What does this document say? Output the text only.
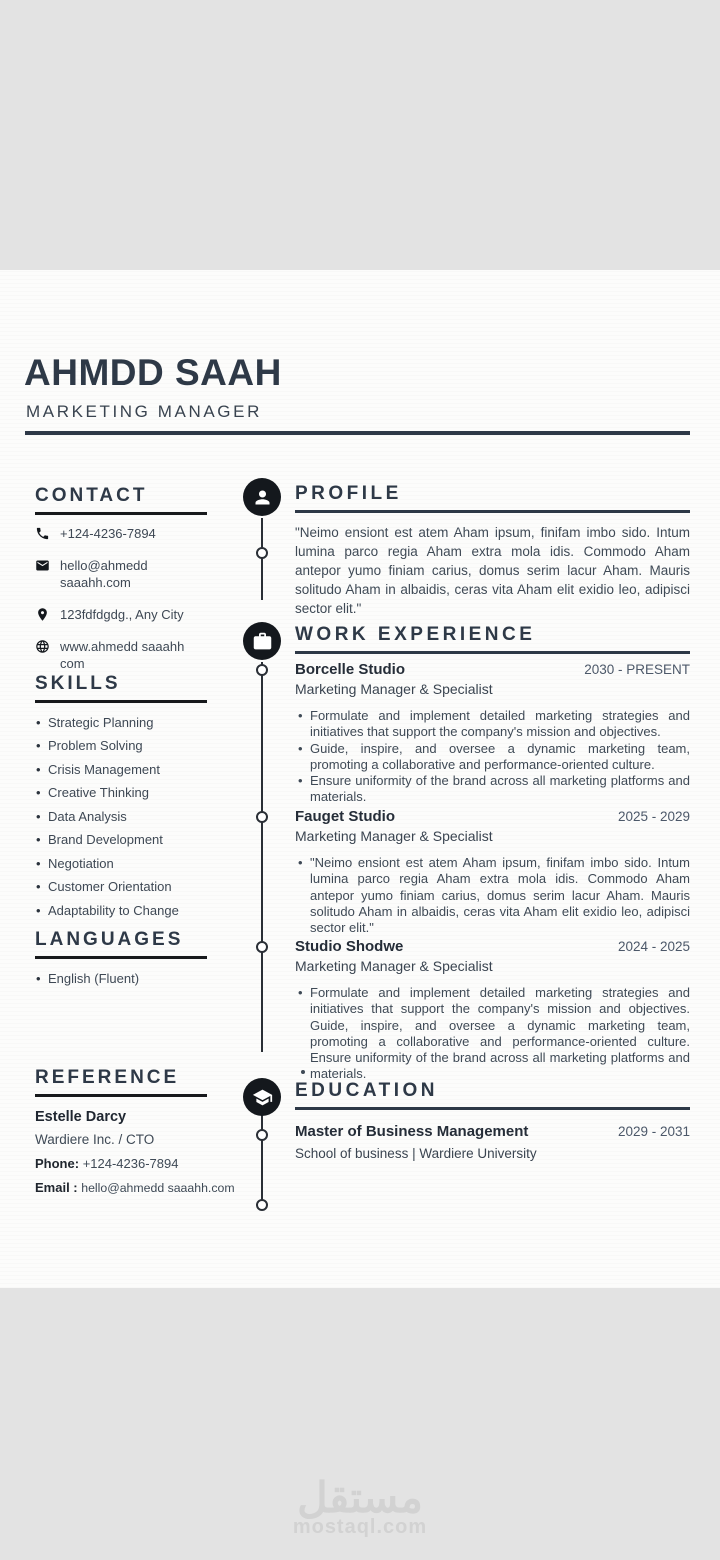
AHMDD SAAH
MARKETING MANAGER
CONTACT
+124-4236-7894
hello@ahmedd saaahh.com
123fdfdgdg., Any City
www.ahmedd saaahh com
SKILLS
• Strategic Planning
• Problem Solving
• Crisis Management
• Creative Thinking
• Data Analysis
• Brand Development
• Negotiation
• Customer Orientation
• Adaptability to Change
LANGUAGES
• English (Fluent)
REFERENCE
Estelle Darcy
Wardiere Inc. / CTO
Phone: +124-4236-7894
Email : hello@ahmedd saaahh.com
PROFILE

"Neimo ensiont est atem Aham ipsum, finifam imbo sido. Intum lumina parco regia Aham extra mola idis. Commodo Aham antepor yumo finiam carius, domus serim lacur Aham. Mauris solitudo Aham in albaidis, ceras vita Aham elit exidio leo, adipisci sector elit."

WORK EXPERIENCE
Borcelle Studio	2030 - PRESENT
Marketing Manager & Specialist
• Formulate and implement detailed marketing strategies and initiatives that support the company's mission and objectives.
• Guide, inspire, and oversee a dynamic marketing team, promoting a collaborative and performance-oriented culture.
• Ensure uniformity of the brand across all marketing platforms and materials.
Fauget Studio	2025 - 2029
Marketing Manager & Specialist
• "Neimo ensiont est atem Aham ipsum, finifam imbo sido. Intum lumina parco regia Aham extra mola idis. Commodo Aham antepor yumo finiam carius, domus serim lacur Aham. Mauris solitudo Aham in albaidis, ceras vita Aham elit exidio leo, adipisci sector elit."
Studio Shodwe	2024 - 2025
Marketing Manager & Specialist
• Formulate and implement detailed marketing strategies and initiatives that support the company's mission and objectives. Guide, inspire, and oversee a dynamic marketing team, promoting a collaborative and performance-oriented culture. Ensure uniformity of the brand across all marketing platforms and materials.
EDUCATION
Master of Business Management	2029 - 2031
School of business | Wardiere University
مستقل
mostaql.com
